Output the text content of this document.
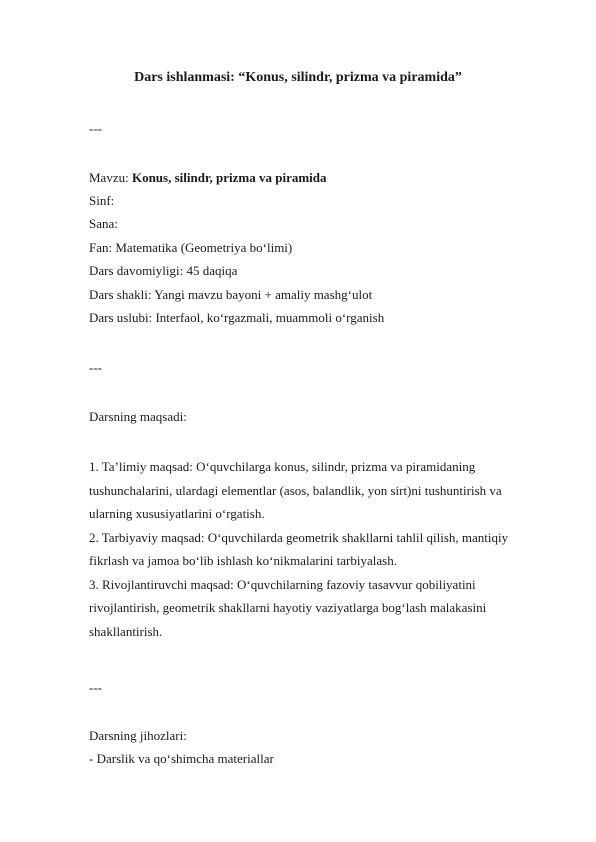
Dars ishlanmasi: “Konus, silindr, prizma va piramida”
---
Mavzu: Konus, silindr, prizma va piramida
Sinf:
Sana:
Fan: Matematika (Geometriya bo‘limi)
Dars davomiyligi: 45 daqiqa
Dars shakli: Yangi mavzu bayoni + amaliy mashg‘ulot
Dars uslubi: Interfaol, ko‘rgazmali, muammoli o‘rganish
---
Darsning maqsadi:

1. Ta’limiy maqsad: O‘quvchilarga konus, silindr, prizma va piramidaning tushunchalarini, ulardagi elementlar (asos, balandlik, yon sirt)ni tushuntirish va ularning xususiyatlarini o‘rgatish.

2. Tarbiyaviy maqsad: O‘quvchilarda geometrik shakllarni tahlil qilish, mantiqiy fikrlash va jamoa bo‘lib ishlash ko‘nikmalarini tarbiyalash.

3. Rivojlantiruvchi maqsad: O‘quvchilarning fazoviy tasavvur qobiliyatini rivojlantirish, geometrik shakllarni hayotiy vaziyatlarga bog‘lash malakasini shakllantirish.

---
Darsning jihozlari:
- Darslik va qo‘shimcha materiallar
